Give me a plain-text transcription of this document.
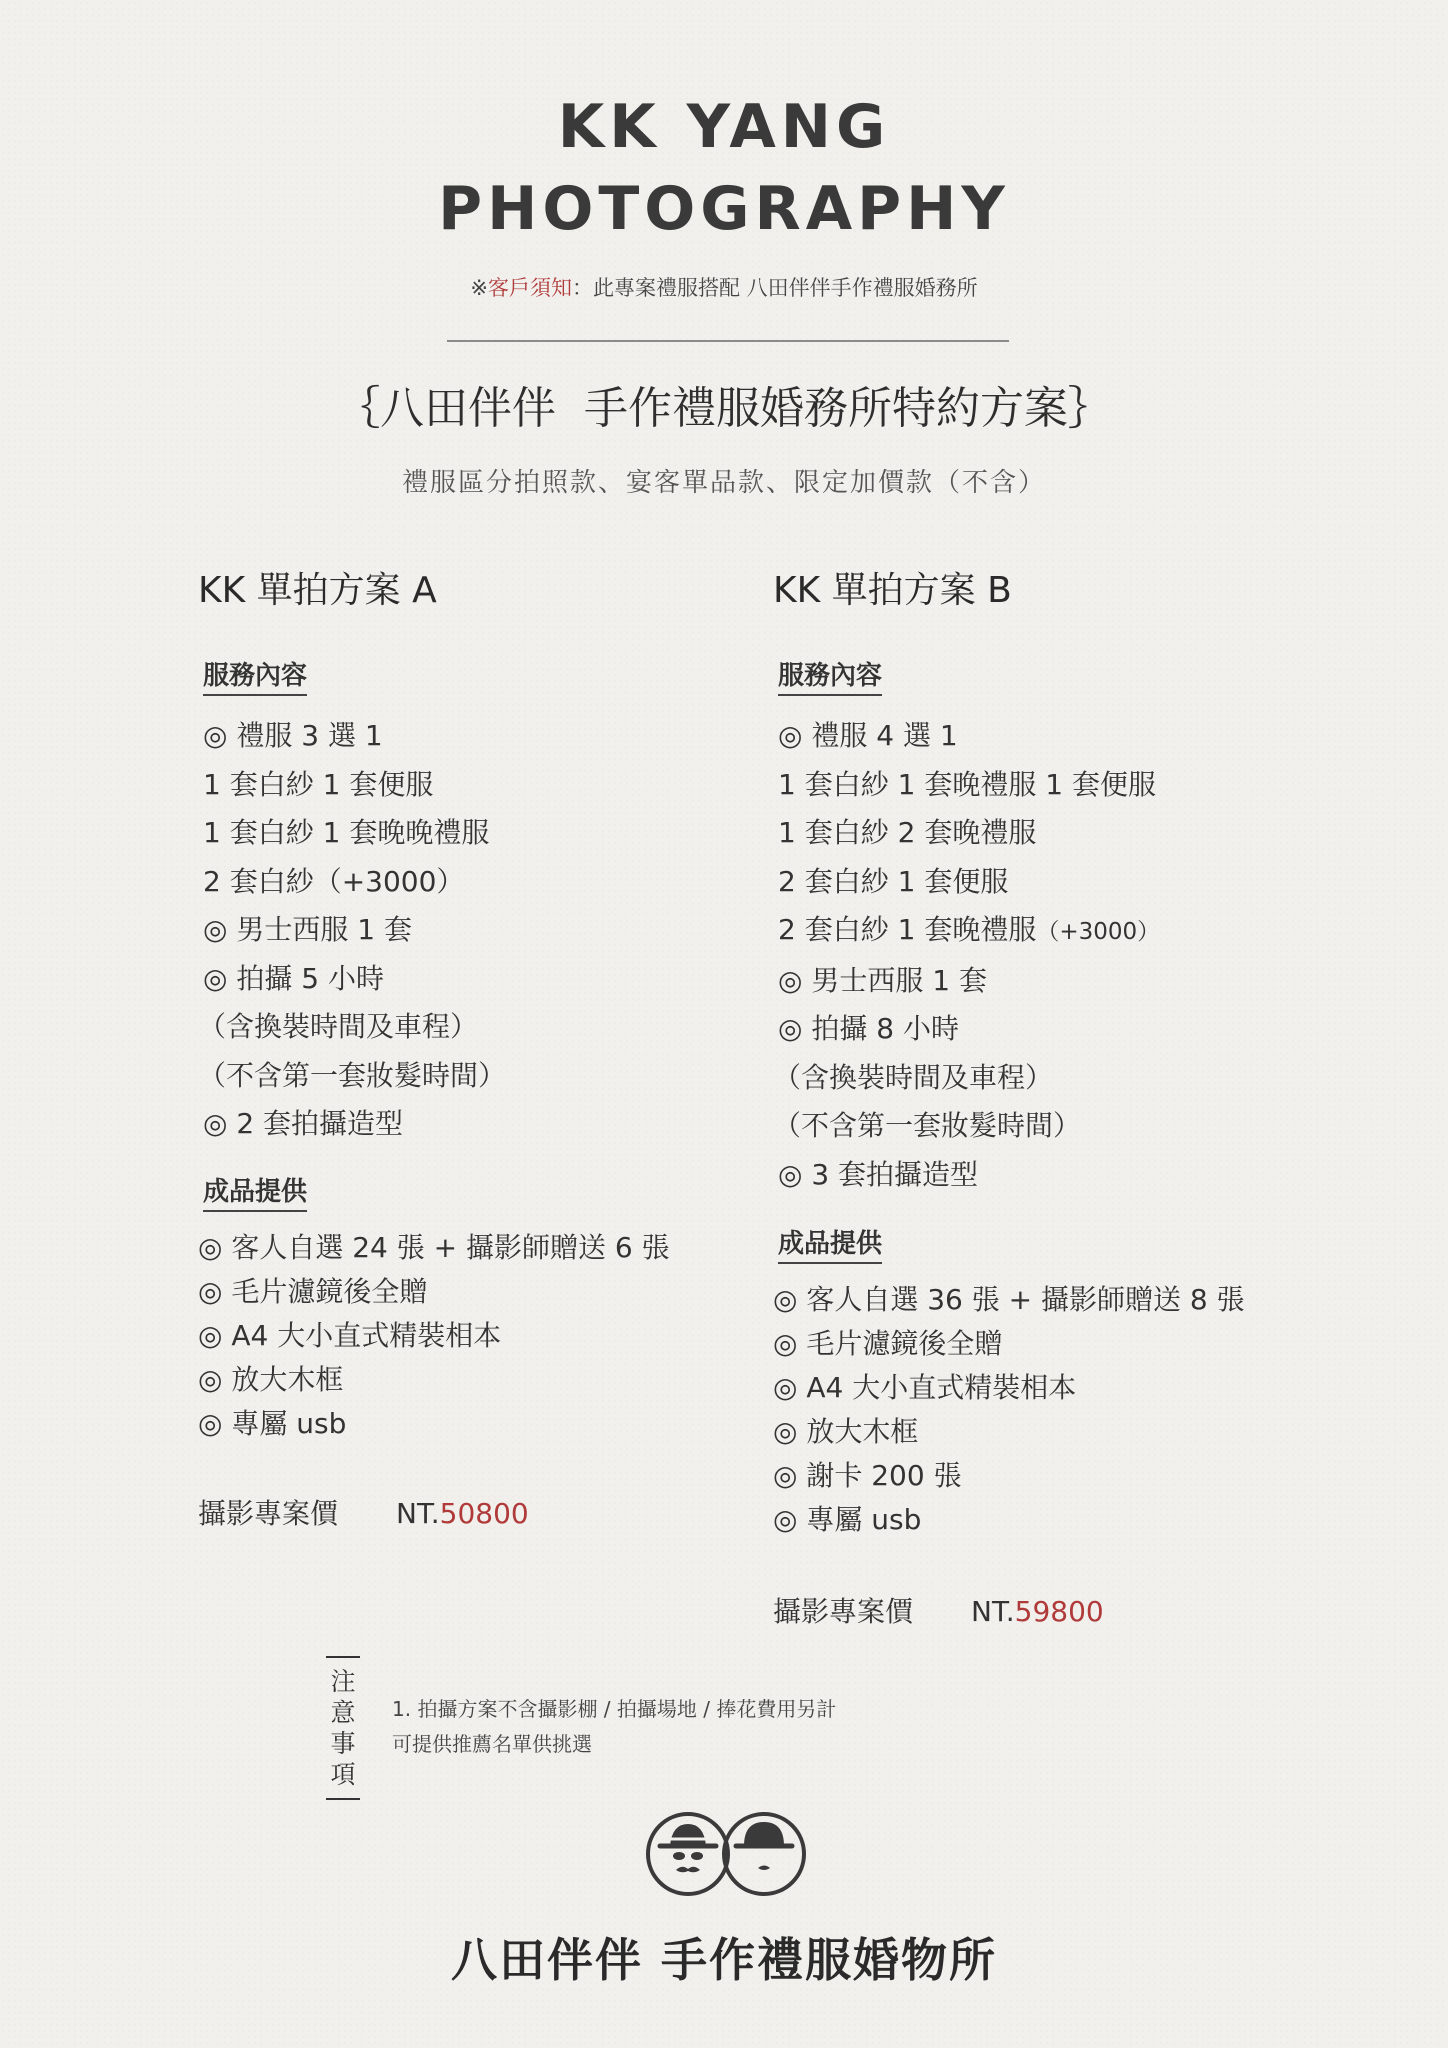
KK YANG
PHOTOGRAPHY
※客戶須知：此專案禮服搭配 八田伴伴手作禮服婚務所
｛八田伴伴  手作禮服婚務所特約方案｝
禮服區分拍照款、宴客單品款、限定加價款（不含）
KK 單拍方案 A
服務內容
◎ 禮服 3 選 1
1 套白紗 1 套便服
1 套白紗 1 套晚晚禮服
2 套白紗（+3000）
◎ 男士西服 1 套
◎ 拍攝 5 小時
（含換裝時間及車程）
（不含第一套妝髮時間）
◎ 2 套拍攝造型
成品提供
◎ 客人自選 24 張 + 攝影師贈送 6 張
◎ 毛片濾鏡後全贈
◎ A4 大小直式精裝相本
◎ 放大木框
◎ 專屬 usb
攝影專案價 NT.50800
KK 單拍方案 B
服務內容
◎ 禮服 4 選 1
1 套白紗 1 套晚禮服 1 套便服
1 套白紗 2 套晚禮服
2 套白紗 1 套便服
2 套白紗 1 套晚禮服（+3000）
◎ 男士西服 1 套
◎ 拍攝 8 小時
（含換裝時間及車程）
（不含第一套妝髮時間）
◎ 3 套拍攝造型
成品提供
◎ 客人自選 36 張 + 攝影師贈送 8 張
◎ 毛片濾鏡後全贈
◎ A4 大小直式精裝相本
◎ 放大木框
◎ 謝卡 200 張
◎ 專屬 usb
攝影專案價 NT.59800
注
意
事
項
1. 拍攝方案不含攝影棚 / 拍攝場地 / 捧花費用另計
可提供推薦名單供挑選
八田伴伴 手作禮服婚物所
